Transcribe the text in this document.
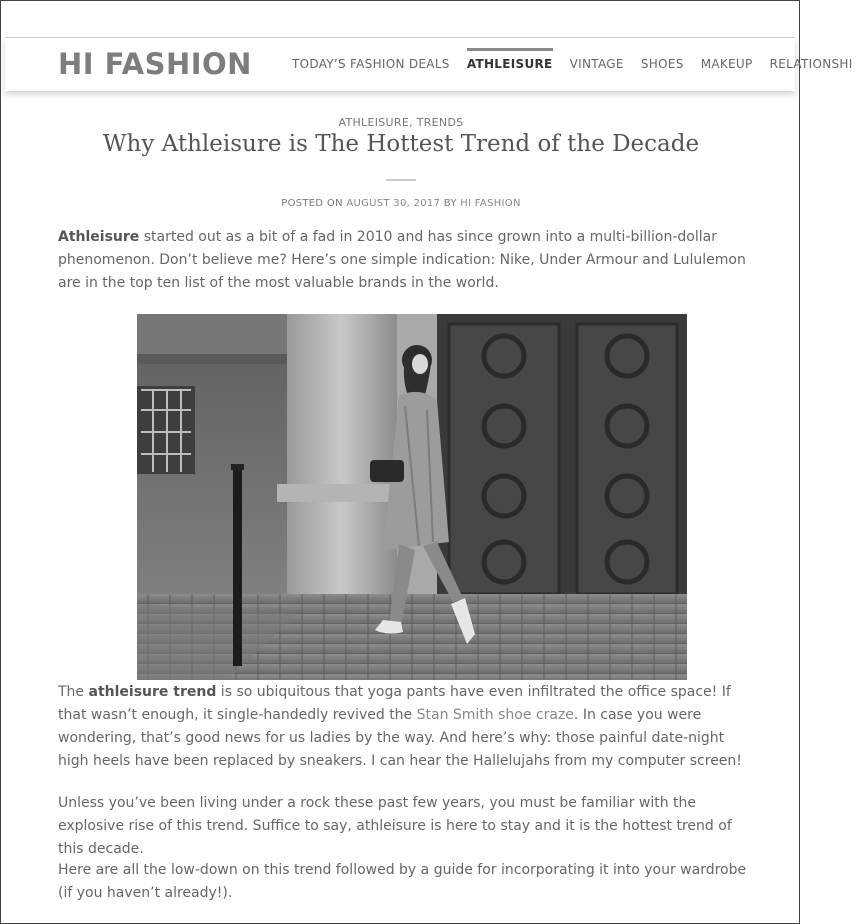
HI FASHION	TODAY’S FASHION DEALS ATHLEISURE VINTAGE SHOES MAKEUP RELATIONSHI
ATHLEISURE, TRENDS
Why Athleisure is The Hottest Trend of the Decade
POSTED ON AUGUST 30, 2017 BY HI FASHION

Athleisure started out as a bit of a fad in 2010 and has since grown into a multi-billion-dollar phenomenon. Don’t believe me? Here’s one simple indication: Nike, Under Armour and Lululemon are in the top ten list of the most valuable brands in the world.

The athleisure trend is so ubiquitous that yoga pants have even infiltrated the office space! If that wasn’t enough, it single-handedly revived the Stan Smith shoe craze. In case you were wondering, that’s good news for us ladies by the way. And here’s why: those painful date-night high heels have been replaced by sneakers. I can hear the Hallelujahs from my computer screen!

Unless you’ve been living under a rock these past few years, you must be familiar with the explosive rise of this trend. Suffice to say, athleisure is here to stay and it is the hottest trend of this decade.

Here are all the low-down on this trend followed by a guide for incorporating it into your wardrobe (if you haven’t already!).
